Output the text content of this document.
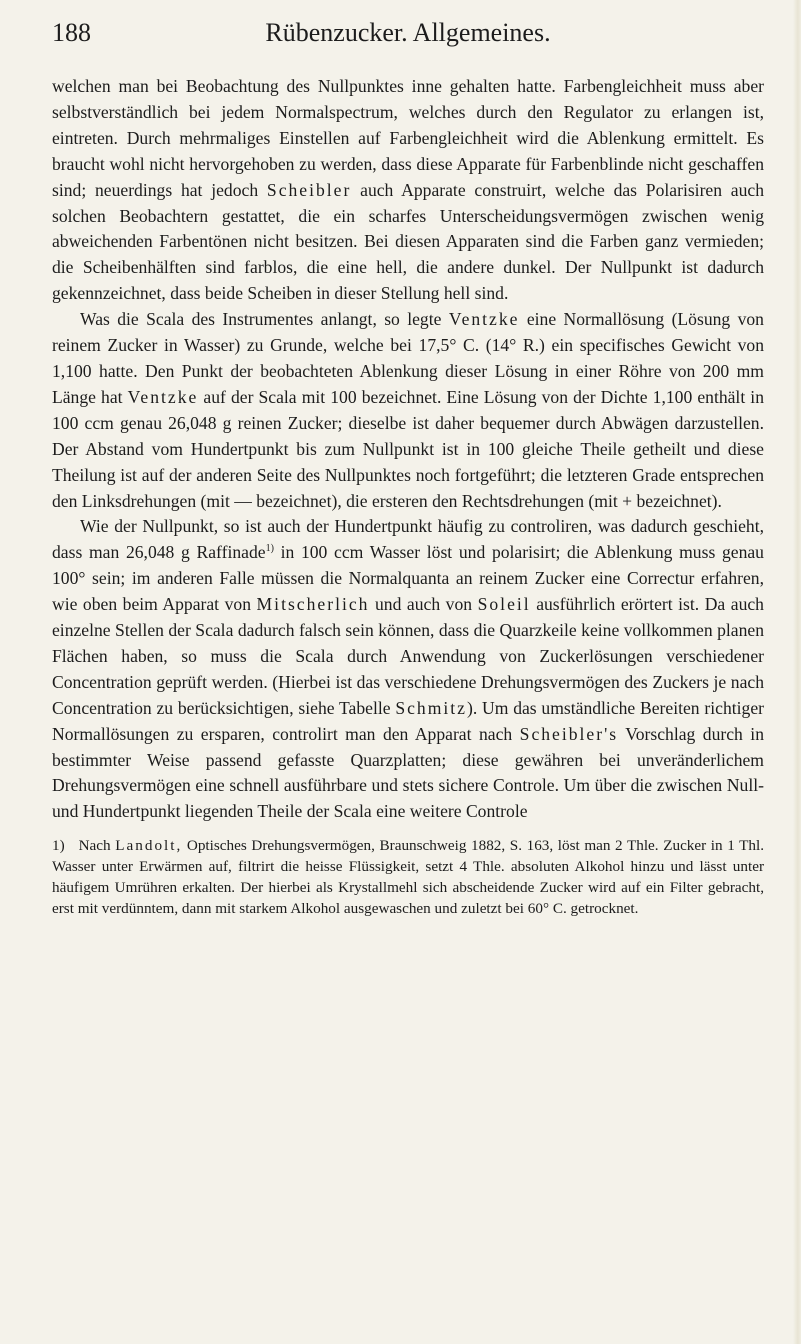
188	Rübenzucker. Allgemeines.

welchen man bei Beobachtung des Nullpunktes inne gehalten hatte. Farbengleichheit muss aber selbstverständlich bei jedem Normalspectrum, welches durch den Regulator zu erlangen ist, eintreten. Durch mehrmaliges Einstellen auf Farbengleichheit wird die Ablenkung ermittelt. Es braucht wohl nicht hervorgehoben zu werden, dass diese Apparate für Farbenblinde nicht geschaffen sind; neuerdings hat jedoch Scheibler auch Apparate construirt, welche das Polarisiren auch solchen Beobachtern gestattet, die ein scharfes Unterscheidungsvermögen zwischen wenig abweichenden Farbentönen nicht besitzen. Bei diesen Apparaten sind die Farben ganz vermieden; die Scheibenhälften sind farblos, die eine hell, die andere dunkel. Der Nullpunkt ist dadurch gekennzeichnet, dass beide Scheiben in dieser Stellung hell sind.

Was die Scala des Instrumentes anlangt, so legte Ventzke eine Normallösung (Lösung von reinem Zucker in Wasser) zu Grunde, welche bei 17,5° C. (14° R.) ein specifisches Gewicht von 1,100 hatte. Den Punkt der beobachteten Ablenkung dieser Lösung in einer Röhre von 200 mm Länge hat Ventzke auf der Scala mit 100 bezeichnet. Eine Lösung von der Dichte 1,100 enthält in 100 ccm genau 26,048 g reinen Zucker; dieselbe ist daher bequemer durch Abwägen darzustellen. Der Abstand vom Hundertpunkt bis zum Nullpunkt ist in 100 gleiche Theile getheilt und diese Theilung ist auf der anderen Seite des Nullpunktes noch fortgeführt; die letzteren Grade entsprechen den Linksdrehungen (mit — bezeichnet), die ersteren den Rechtsdrehungen (mit + bezeichnet).

Wie der Nullpunkt, so ist auch der Hundertpunkt häufig zu controliren, was dadurch geschieht, dass man 26,048 g Raffinade$^{1)}$ in 100 ccm Wasser löst und polarisirt; die Ablenkung muss genau 100° sein; im anderen Falle müssen die Normalquanta an reinem Zucker eine Correctur erfahren, wie oben beim Apparat von Mitscherlich und auch von Soleil ausführlich erörtert ist. Da auch einzelne Stellen der Scala dadurch falsch sein können, dass die Quarzkeile keine vollkommen planen Flächen haben, so muss die Scala durch Anwendung von Zuckerlösungen verschiedener Concentration geprüft werden. (Hierbei ist das verschiedene Drehungsvermögen des Zuckers je nach Concentration zu berücksichtigen, siehe Tabelle Schmitz). Um das umständliche Bereiten richtiger Normallösungen zu ersparen, controlirt man den Apparat nach Scheibler's Vorschlag durch in bestimmter Weise passend gefasste Quarzplatten; diese gewähren bei unveränderlichem Drehungsvermögen eine schnell ausführbare und stets sichere Controle. Um über die zwischen Null- und Hundertpunkt liegenden Theile der Scala eine weitere Controle

1) Nach Landolt, Optisches Drehungsvermögen, Braunschweig 1882, S. 163, löst man 2 Thle. Zucker in 1 Thl. Wasser unter Erwärmen auf, filtrirt die heisse Flüssigkeit, setzt 4 Thle. absoluten Alkohol hinzu und lässt unter häufigem Umrühren erkalten. Der hierbei als Krystallmehl sich abscheidende Zucker wird auf ein Filter gebracht, erst mit verdünntem, dann mit starkem Alkohol ausgewaschen und zuletzt bei 60° C. getrocknet.
